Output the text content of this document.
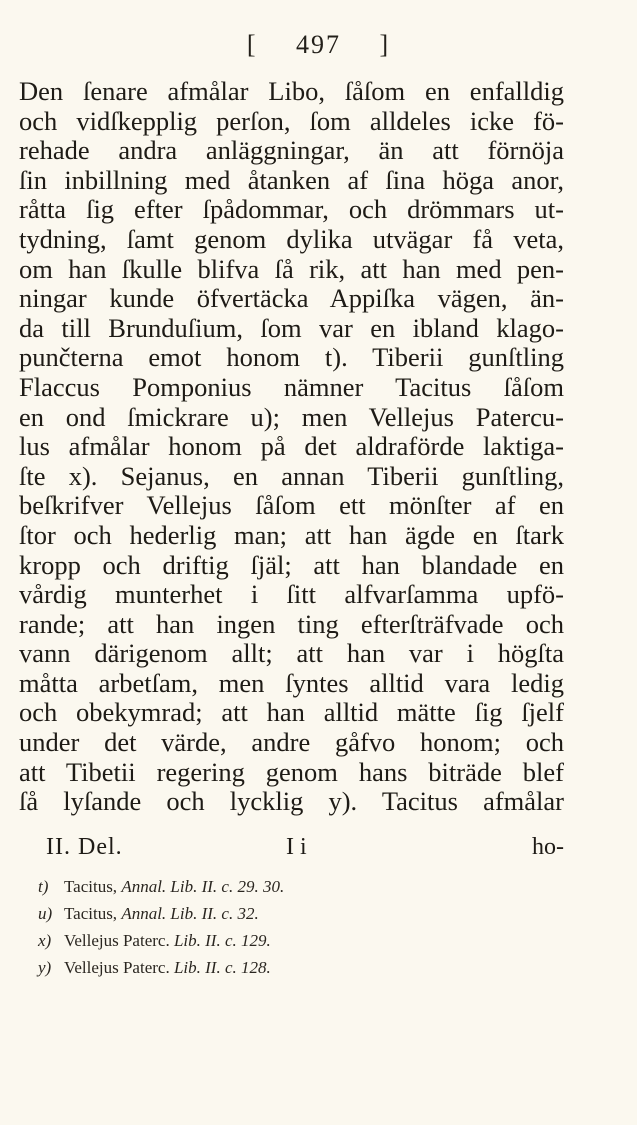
[ 497 ]
Den ſenare afmålar Libo, ſåſom en enfalldig
och vidſkepplig perſon, ſom alldeles icke fö-
rehade andra anläggningar, än att förnöja
ſin inbillning med åtanken af ſina höga anor,
råtta ſig efter ſpådommar, och drömmars ut-
tydning, ſamt genom dylika utvägar få veta,
om han ſkulle blifva ſå rik, att han med pen-
ningar kunde öfvertäcka Appiſka vägen, än-
da till Brunduſium, ſom var en ibland klago-
punčterna emot honom t). Tiberii gunſtling
Flaccus Pomponius nämner Tacitus ſåſom
en ond ſmickrare u); men Vellejus Patercu-
lus afmålar honom på det aldraförde laktiga-
ſte x). Sejanus, en annan Tiberii gunſtling,
beſkrifver Vellejus ſåſom ett mönſter af en
ſtor och hederlig man; att han ägde en ſtark
kropp och driftig ſjäl; att han blandade en
vårdig munterhet i ſitt alfvarſamma upfö-
rande; att han ingen ting efterſträfvade och
vann därigenom allt; att han var i högſta
måtta arbetſam, men ſyntes alltid vara ledig
och obekymrad; att han alltid mätte ſig ſjelf
under det värde, andre gåfvo honom; och
att Tibetii regering genom hans biträde blef
ſå lyſande och lycklig y). Tacitus afmålar
II. Del.	I i	ho-
t) Tacitus, Annal. Lib. II. c. 29. 30.
u) Tacitus, Annal. Lib. II. c. 32.
x) Vellejus Paterc. Lib. II. c. 129.
y) Vellejus Paterc. Lib. II. c. 128.
